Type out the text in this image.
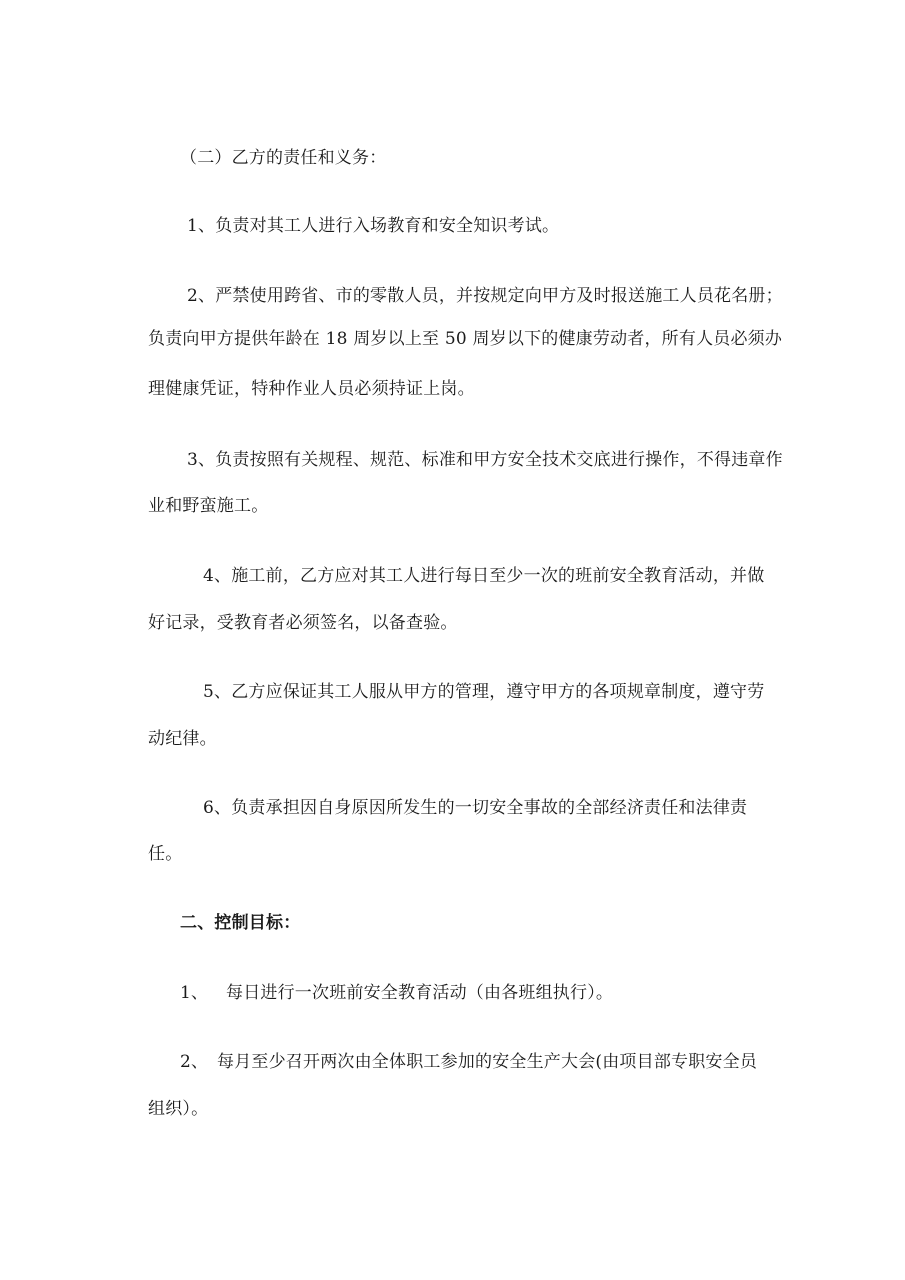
（二）乙方的责任和义务：
1、负责对其工人进行入场教育和安全知识考试。
2、严禁使用跨省、市的零散人员，并按规定向甲方及时报送施工人员花名册；
负责向甲方提供年龄在 18 周岁以上至 50 周岁以下的健康劳动者，所有人员必须办
理健康凭证，特种作业人员必须持证上岗。
3、负责按照有关规程、规范、标准和甲方安全技术交底进行操作，不得违章作
业和野蛮施工。
4、施工前，乙方应对其工人进行每日至少一次的班前安全教育活动，并做
好记录，受教育者必须签名，以备查验。
5、乙方应保证其工人服从甲方的管理，遵守甲方的各项规章制度，遵守劳
动纪律。
6、负责承担因自身原因所发生的一切安全事故的全部经济责任和法律责
任。
二、控制目标：
1、	每日进行一次班前安全教育活动（由各班组执行）。
2、 每月至少召开两次由全体职工参加的安全生产大会(由项目部专职安全员
组织）。
